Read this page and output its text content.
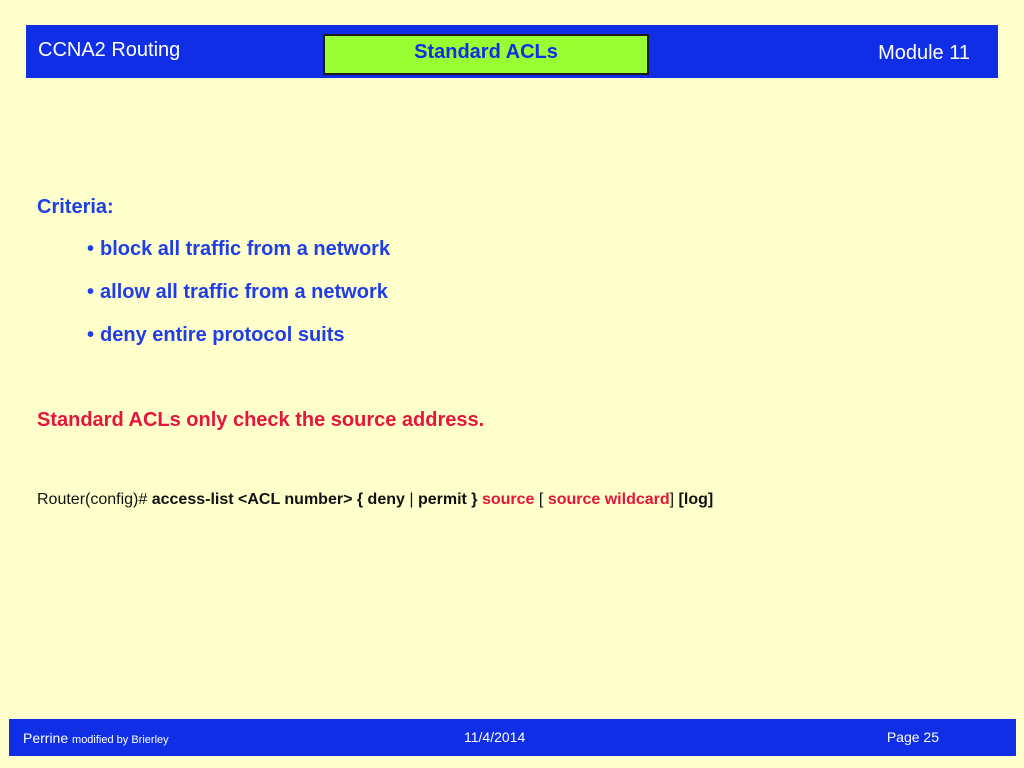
CCNA2 Routing	Standard ACLs	Module 11
Criteria:
• block all traffic from a network
• allow all traffic from a network
• deny entire protocol suits
Standard ACLs only check the source address.
Router(config)# access-list <ACL number> { deny | permit } source [ source wildcard] [log]
Perrine modified by Brierley	11/4/2014	Page 25
